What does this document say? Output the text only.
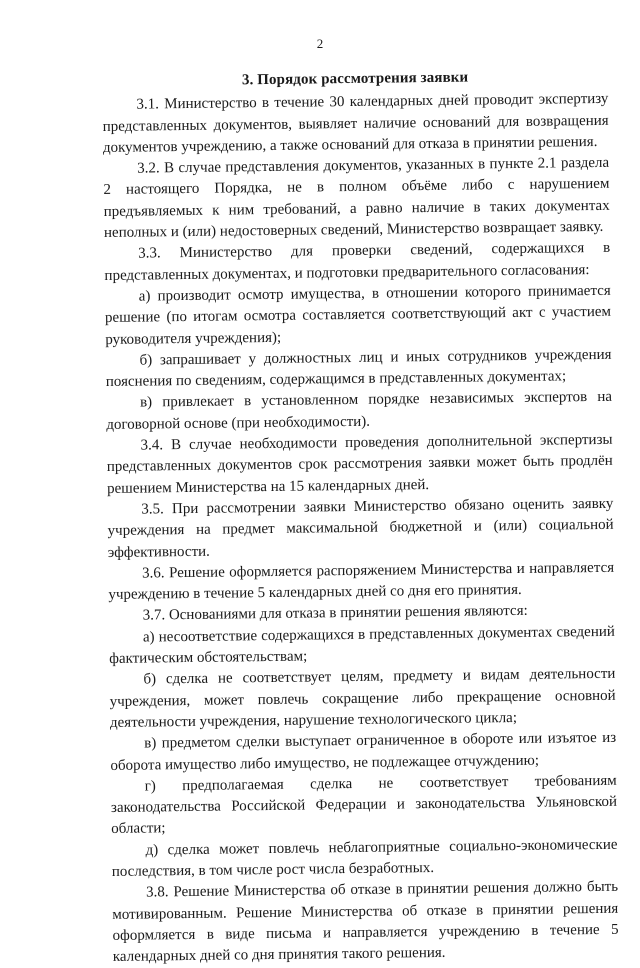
2
3. Порядок рассмотрения заявки

3.1. Министерство в течение 30 календарных дней проводит экспертизу представленных документов, выявляет наличие оснований для возвращения документов учреждению, а также оснований для отказа в принятии решения.

3.2. В случае представления документов, указанных в пункте 2.1 раздела 2 настоящего Порядка, не в полном объёме либо с нарушением предъявляемых к ним требований, а равно наличие в таких документах неполных и (или) недостоверных сведений, Министерство возвращает заявку.

3.3. Министерство для проверки сведений, содержащихся в представленных документах, и подготовки предварительного согласования:

а) производит осмотр имущества, в отношении которого принимается решение (по итогам осмотра составляется соответствующий акт с участием руководителя учреждения);

б) запрашивает у должностных лиц и иных сотрудников учреждения пояснения по сведениям, содержащимся в представленных документах;

в) привлекает в установленном порядке независимых экспертов на договорной основе (при необходимости).

3.4. В случае необходимости проведения дополнительной экспертизы представленных документов срок рассмотрения заявки может быть продлён решением Министерства на 15 календарных дней.

3.5. При рассмотрении заявки Министерство обязано оценить заявку учреждения на предмет максимальной бюджетной и (или) социальной эффективности.

3.6. Решение оформляется распоряжением Министерства и направляется учреждению в течение 5 календарных дней со дня его принятия.

3.7. Основаниями для отказа в принятии решения являются:

а) несоответствие содержащихся в представленных документах сведений фактическим обстоятельствам;

б) сделка не соответствует целям, предмету и видам деятельности учреждения, может повлечь сокращение либо прекращение основной деятельности учреждения, нарушение технологического цикла;

в) предметом сделки выступает ограниченное в обороте или изъятое из оборота имущество либо имущество, не подлежащее отчуждению;

г) предполагаемая сделка не соответствует требованиям законодательства Российской Федерации и законодательства Ульяновской области;

д) сделка может повлечь неблагоприятные социально-экономические последствия, в том числе рост числа безработных.

3.8. Решение Министерства об отказе в принятии решения должно быть мотивированным. Решение Министерства об отказе в принятии решения оформляется в виде письма и направляется учреждению в течение 5 календарных дней со дня принятия такого решения.
